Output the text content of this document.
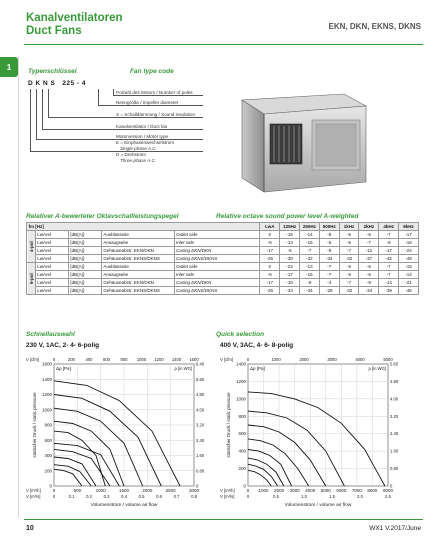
Kanalventilatoren
Duct Fans	EKN, DKN, EKNS, DKNS
1	Typenschlüssel	Fan type code
D K N S   225 - 4
Polzahl des Motors / Number of poles
Nenngröße / Impeller diameter
S = Schalldämmung / Sound insulation
Kanalventilator / Duct fan
Motorversion / Motor type
E = Einphasenwechselstrom
Single-phase A.C.
D = Drehstrom
Three-phase A.C.
Relativer A-bewerteter Oktavschallleistungspegel	Relative octave sound power level A-weighted
fm [Hz]					LwA	125Hz	250Hz	500Hz	1kHz	2kHz	4kHz	8kHz
4-pol	LwArel	[dB(A)]	Ausblasseite	Outlet side	0	-16	-14	-8	-5	-6	-7	-17
	LwArel	[dB(A)]	Ansaugseite	Inlet side	-6	-13	-15	-6	-5	-7	-9	-16
	LwArel	[dB(A)]	Gehäuseabstr. EKN/DKN	Casing EKN/DKN	-17	-5	-7	-9	-7	-12	-17	-24
	LwArel	[dB(A)]	Gehäuseabstr. EKNS/DKNS	Casing EKNS/DKNS	-26	-30	-32	-34	-32	-37	-42	-49
6-pol	LwArel	[dB(A)]	Ausblasseite	Outlet side	0	-22	-13	-7	-6	-6	-7	-15
	LwArel	[dB(A)]	Ansaugseite	Inlet side	-6	-17	-15	-7	-6	-6	-7	-14
	LwArel	[dB(A)]	Gehäuseabstr. EKN/DKN	Casing EKN/DKN	-17	-10	-9	-4	-7	-9	-14	-21
	LwArel	[dB(A)]	Gehäuseabstr. EKNS/DKNS	Casing EKNS/DKNS	-25	-34	-34	-29	-32	-34	-39	-46
Schnellauswahl	Quick selection
230 V, 1AC, 2- 4- 6-polig	400 V, 3AC, 4- 6- 8-polig
0
200
400
600
800
1000
1200
1400
1600
0
0.80
1.60
2.40
3.20
4.00
4.80
5.60
6.40
0	500	1000	1500	2000	2500	3000
0	0.1	0.2	0.3	0.4	0.5	0.6	0.7	0.8
0	200	400	600	800 1000 1200 1400 1600
V [cfm]
V [m³/h]
V [m³/s]
Δp [Pa]	p [in.WG]
Volumenstrom / volume air flow
statischer Druck / static pressure
0
200
400
600
800
1000
1200
1400
0
0.80
1.60
2.40
3.20
4.00
4.80
5.60
0 1000 2000 3000 4000 5000 6000 7000 8000 9000
0	0.5	1.0	1.5	2.0	2.5
0	1000	2000	3000	4000	5000
V [cfm]
V [m³/h]
V [m³/s]
Δp [Pa]	p [in.WG]
Volumenstrom / volume air flow
statischer Druck / static pressure
10	WX1 V.2017/June
